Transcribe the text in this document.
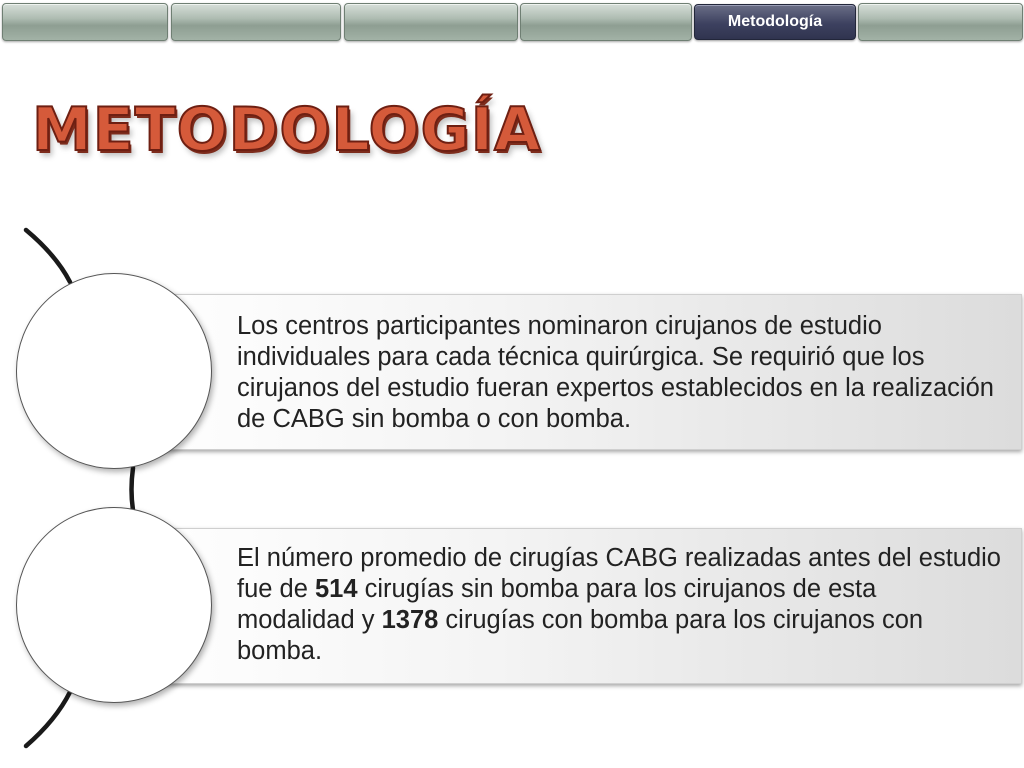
Metodología
METODOLOGÍA
Los centros participantes nominaron cirujanos de estudio individuales para cada técnica quirúrgica. Se requirió que los cirujanos del estudio fueran expertos establecidos en la realización de CABG sin bomba o con bomba.
El número promedio de cirugías CABG realizadas antes del estudio fue de 514 cirugías sin bomba para los cirujanos de esta modalidad y 1378 cirugías con bomba para los cirujanos con bomba.
